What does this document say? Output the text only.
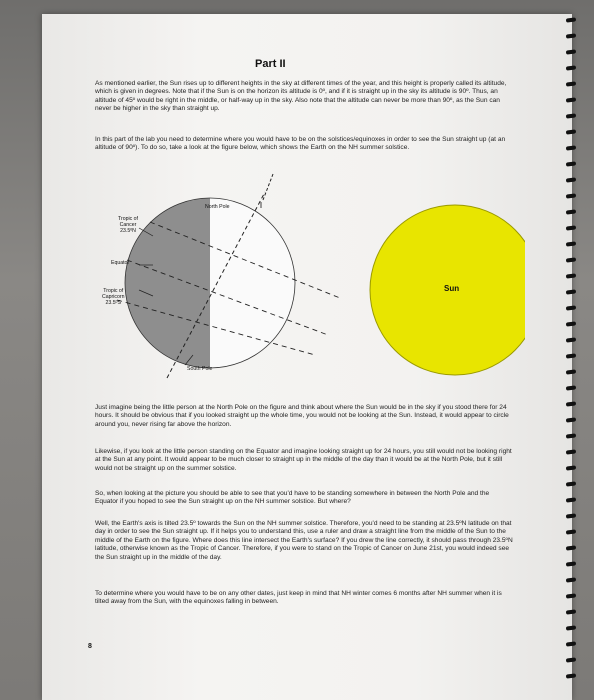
Part II

As mentioned earlier, the Sun rises up to different heights in the sky at different times of the year, and this height is properly called its altitude, which is given in degrees. Note that if the Sun is on the horizon its altitude is 0º, and if it is straight up in the sky its altitude is 90º. Thus, an altitude of 45º would be right in the middle, or half-way up in the sky. Also note that the altitude can never be more than 90º, as the Sun can never be higher in the sky than straight up.

In this part of the lab you need to determine where you would have to be on the solstices/equinoxes in order to see the Sun straight up (at an altitude of 90º). To do so, take a look at the figure below, which shows the Earth on the NH summer solstice.

North Pole
Tropic of
Cancer
23.5ºN
Equator
Tropic of
Capricorn
23.5ºS
South Pole
Sun

Just imagine being the little person at the North Pole on the figure and think about where the Sun would be in the sky if you stood there for 24 hours. It should be obvious that if you looked straight up the whole time, you would not be looking at the Sun. Instead, it would appear to circle around you, never rising far above the horizon.

Likewise, if you look at the little person standing on the Equator and imagine looking straight up for 24 hours, you still would not be looking right at the Sun at any point. It would appear to be much closer to straight up in the middle of the day than it would be at the North Pole, but it still would not be straight up on the summer solstice.

So, when looking at the picture you should be able to see that you'd have to be standing somewhere in between the North Pole and the Equator if you hoped to see the Sun straight up on the NH summer solstice. But where?

Well, the Earth's axis is tilted 23.5º towards the Sun on the NH summer solstice. Therefore, you'd need to be standing at 23.5ºN latitude on that day in order to see the Sun straight up. If it helps you to understand this, use a ruler and draw a straight line from the middle of the Sun to the middle of the Earth on the figure. Where does this line intersect the Earth's surface? If you drew the line correctly, it should pass through 23.5ºN latitude, otherwise known as the Tropic of Cancer. Therefore, if you were to stand on the Tropic of Cancer on June 21st, you would indeed see the Sun straight up in the middle of the day.

To determine where you would have to be on any other dates, just keep in mind that NH winter comes 6 months after NH summer when it is tilted away from the Sun, with the equinoxes falling in between.

8
